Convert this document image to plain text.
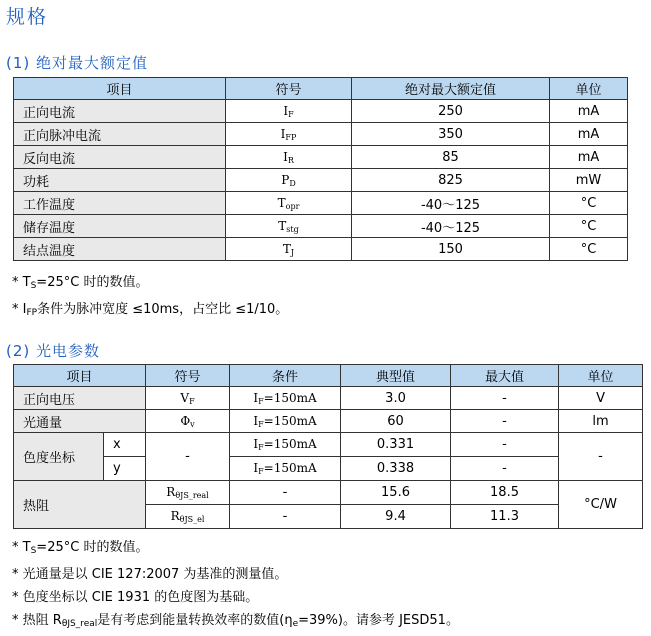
规格
(1) 绝对最大额定值
项目	符号	绝对最大额定值	单位
正向电流	$I_F$	250	mA
正向脉冲电流	$I_{FP}$	350	mA
反向电流	$I_R$	85	mA
功耗	$P_D$	825	mW
工作温度	$T_{opr}$	-40～125	°C
储存温度	$T_{stg}$	-40～125	°C
结点温度	$T_J$	150	°C
* $T_S=25^\circ C$ 时的数值。
* $I_{FP}$条件为脉冲宽度 ≤10ms，占空比 ≤1/10。
(2) 光电参数
项目		符号	条件	典型值	最大值	单位
正向电压		$V_F$	$I_F=150mA$	3.0	-	V
光通量		$\Phi_v$	$I_F=150mA$	60	-	lm
色度坐标	x	-	$I_F=150mA$	0.331	-	-
	y		$I_F=150mA$	0.338	-	
热阻		$R_{\theta JS\_real}$	-	15.6	18.5	°C/W
		$R_{\theta JS\_el}$	-	9.4	11.3	
* $T_S=25^\circ C$ 时的数值。
* 光通量是以 CIE 127:2007 为基准的测量值。
* 色度坐标以 CIE 1931 的色度图为基础。
* 热阻 $R_{\theta JS\_real}$是有考虑到能量转换效率的数值$(\eta_e=39\%)$。请参考 JESD51。
